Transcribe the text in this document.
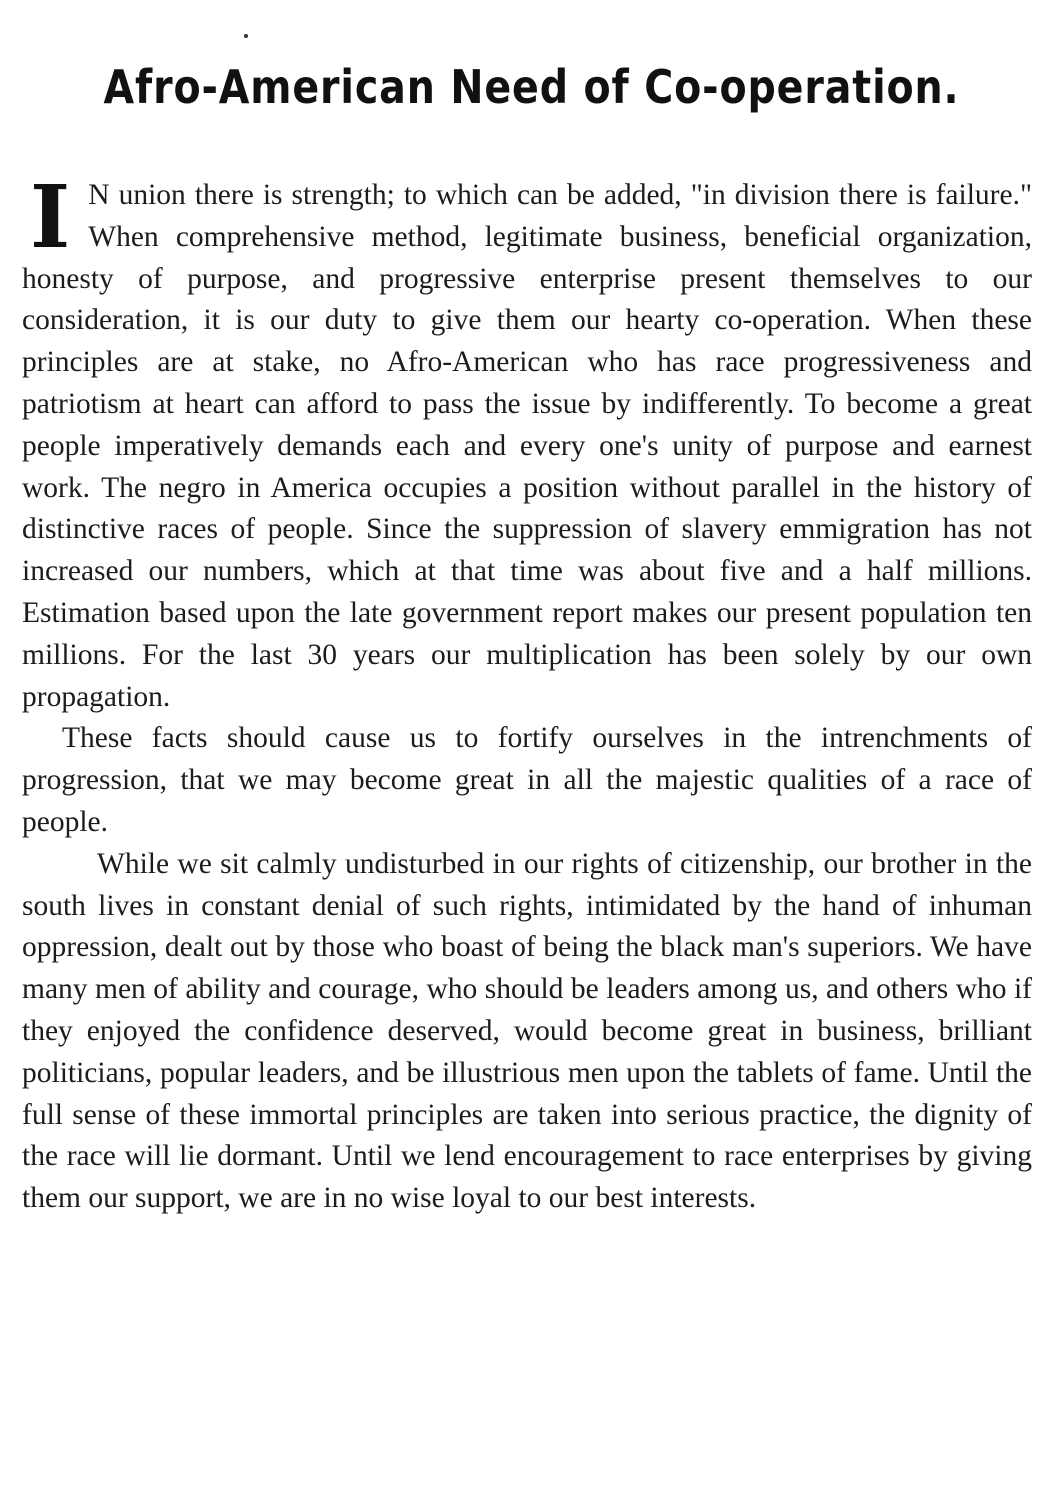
Afro-American Need of Co-operation.

I N union there is strength; to which can be added, "in division there is failure." When comprehensive method, legitimate business, beneficial organization, honesty of purpose, and progressive enterprise present themselves to our consideration, it is our duty to give them our hearty co-operation. When these principles are at stake, no Afro-American who has race progressiveness and patriotism at heart can afford to pass the issue by indifferently. To become a great people imperatively demands each and every one's unity of purpose and earnest work. The negro in America occupies a position without parallel in the history of distinctive races of people. Since the suppression of slavery emmigration has not increased our numbers, which at that time was about five and a half millions. Estimation based upon the late government report makes our present population ten millions. For the last 30 years our multiplication has been solely by our own propagation.

These facts should cause us to fortify ourselves in the intrenchments of progression, that we may become great in all the majestic qualities of a race of people.

While we sit calmly undisturbed in our rights of citizenship, our brother in the south lives in constant denial of such rights, intimidated by the hand of inhuman oppression, dealt out by those who boast of being the black man's superiors. We have many men of ability and courage, who should be leaders among us, and others who if they enjoyed the confidence deserved, would become great in business, brilliant politicians, popular leaders, and be illustrious men upon the tablets of fame. Until the full sense of these immortal principles are taken into serious practice, the dignity of the race will lie dormant. Until we lend encouragement to race enterprises by giving them our support, we are in no wise loyal to our best interests.
